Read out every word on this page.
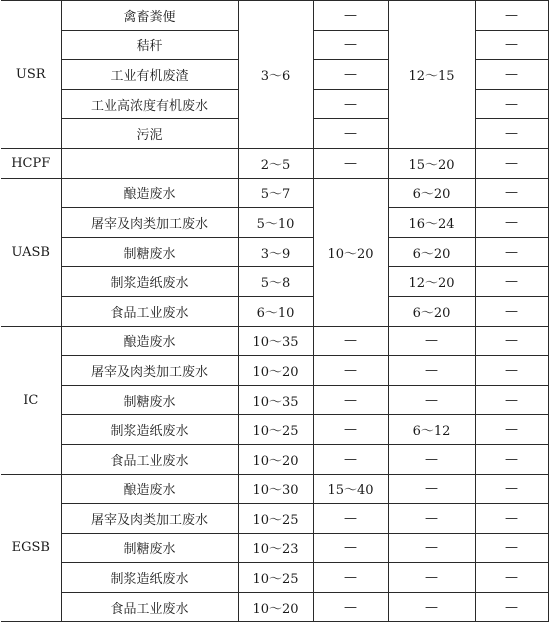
USR	禽畜粪便	3～6	—	12～15	—
	秸秆		—		—
	工业有机废渣		—		—
	工业高浓度有机废水		—		—
	污泥		—		—
HCPF		2～5	—	15～20	—
UASB	酿造废水	5～7	10～20	6～20	—
	屠宰及肉类加工废水	5～10		16～24	—
	制糖废水	3～9		6～20	—
	制浆造纸废水	5～8		12～20	—
	食品工业废水	6～10		6～20	—
IC	酿造废水	10～35	—	—	—
	屠宰及肉类加工废水	10～20	—	—	—
	制糖废水	10～35	—	—	—
	制浆造纸废水	10～25	—	6～12	—
	食品工业废水	10～20	—	—	—
EGSB	酿造废水	10～30	15～40	—	—
	屠宰及肉类加工废水	10～25	—	—	—
	制糖废水	10～23	—	—	—
	制浆造纸废水	10～25	—	—	—
	食品工业废水	10～20	—	—	—
